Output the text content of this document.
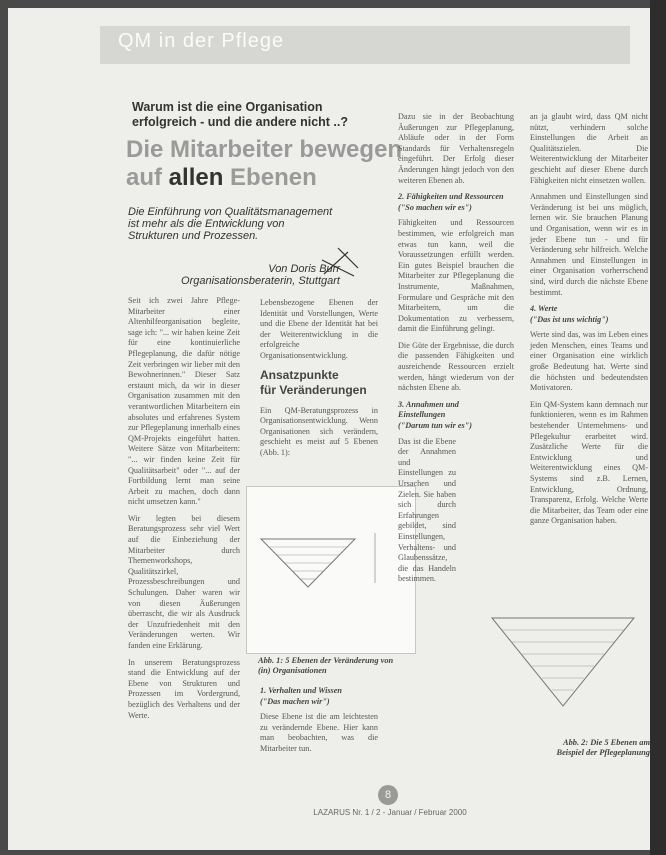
QM in der Pflege
Warum ist die eine Organisation
erfolgreich - und die andere nicht ..?
Die Mitarbeiter bewegen
auf allen Ebenen
Die Einführung von Qualitätsmanagement
ist mehr als die Entwicklung von
Strukturen und Prozessen.
Von Doris Burr
Organisationsberaterin, Stuttgart

Seit ich zwei Jahre Pflege-Mitarbeiter einer Altenhilfeorganisation begleite, sage ich: "... wir haben keine Zeit für eine kontinuierliche Pflegeplanung, die dafür nötige Zeit verbringen wir lieber mit den Bewohnerinnen." Dieser Satz erstaunt mich, da wir in dieser Organisation zusammen mit den verantwortlichen Mitarbeitern ein absolutes und erfahrenes System zur Pflegeplanung innerhalb eines QM-Projekts eingeführt hatten. Weitere Sätze von Mitarbeitern: "... wir finden keine Zeit für Qualitätsarbeit" oder "... auf der Fortbildung lernt man seine Arbeit zu machen, doch dann nicht umsetzen kann."

Wir legten bei diesem Beratungsprozess sehr viel Wert auf die Einbeziehung der Mitarbeiter durch Themenworkshops, Qualitätszirkel, Prozessbeschreibungen und Schulungen. Daher waren wir von diesen Äußerungen überrascht, die wir als Ausdruck der Unzufriedenheit mit den Veränderungen werten. Wir fanden eine Erklärung.

In unserem Beratungsprozess stand die Entwicklung auf der Ebene von Strukturen und Prozessen im Vordergrund, bezüglich des Verhaltens und der Werte.

Lebensbezogene Ebenen der Identität und Vorstellungen, Werte und die Ebene der Identität hat bei der Weiterentwicklung in die erfolgreiche Organisationsentwicklung.

Ansatzpunkte
für Veränderungen

Ein QM-Beratungsprozess in Organisationsentwicklung. Wenn Organisationen sich verändern, geschieht es meist auf 5 Ebenen (Abb. 1):

Abb. 1: 5 Ebenen der Veränderung von (in) Organisationen
1. Verhalten und Wissen
("Das machen wir")

Diese Ebene ist die am leichtesten zu verändernde Ebene. Hier kann man beobachten, was die Mitarbeiter tun.

Dazu sie in der Beobachtung Äußerungen zur Pflegeplanung, Abläufe oder in der Form Standards für Verhaltensregeln eingeführt. Der Erfolg dieser Änderungen hängt jedoch von den weiteren Ebenen ab.

2. Fähigkeiten und Ressourcen
("So machen wir es")

Fähigkeiten und Ressourcen bestimmen, wie erfolgreich man etwas tun kann, weil die Voraussetzungen erfüllt werden. Ein gutes Beispiel brauchen die Mitarbeiter zur Pflegeplanung die Instrumente, Maßnahmen, Formulare und Gespräche mit den Mitarbeitern, um die Dokumentation zu verbessern, damit die Einführung gelingt.

Die Güte der Ergebnisse, die durch die passenden Fähigkeiten und ausreichende Ressourcen erzielt werden, hängt wiederum von der nächsten Ebene ab.

3. Annahmen und
Einstellungen
("Darum tun wir es")

Das ist die Ebene der Annahmen und Einstellungen zu Ursachen und Zielen. Sie haben sich durch Erfahrungen gebildet, sind Einstellungen, Verhaltens- und Glaubenssätze, die das Handeln bestimmen.

an ja glaubt wird, dass QM nicht nützt, verhindern solche Einstellungen die Arbeit an Qualitätszielen. Die Weiterentwicklung der Mitarbeiter geschieht auf dieser Ebene durch Fähigkeiten nicht einsetzen wollen.

Annahmen und Einstellungen sind Veränderung ist bei uns möglich, lernen wir. Sie brauchen Planung und Organisation, wenn wir es in jeder Ebene tun - und für Veränderung sehr hilfreich. Welche Annahmen und Einstellungen in einer Organisation vorherrschend sind, wird durch die nächste Ebene bestimmt.

4. Werte
("Das ist uns wichtig")

Werte sind das, was im Leben eines jeden Menschen, eines Teams und einer Organisation eine wirklich große Bedeutung hat. Werte sind die höchsten und bedeutendsten Motivatoren.

Ein QM-System kann demnach nur funktionieren, wenn es im Rahmen bestehender Unternehmens- und Pflegekultur erarbeitet wird. Zusätzliche Werte für die Entwicklung und Weiterentwicklung eines QM-Systems sind z.B. Lernen, Entwicklung, Ordnung, Transparenz, Erfolg. Welche Werte die Mitarbeiter, das Team oder eine ganze Organisation haben.

Abb. 2: Die 5 Ebenen am
Beispiel der Pflegeplanung
8
LAZARUS Nr. 1 / 2 - Januar / Februar 2000
